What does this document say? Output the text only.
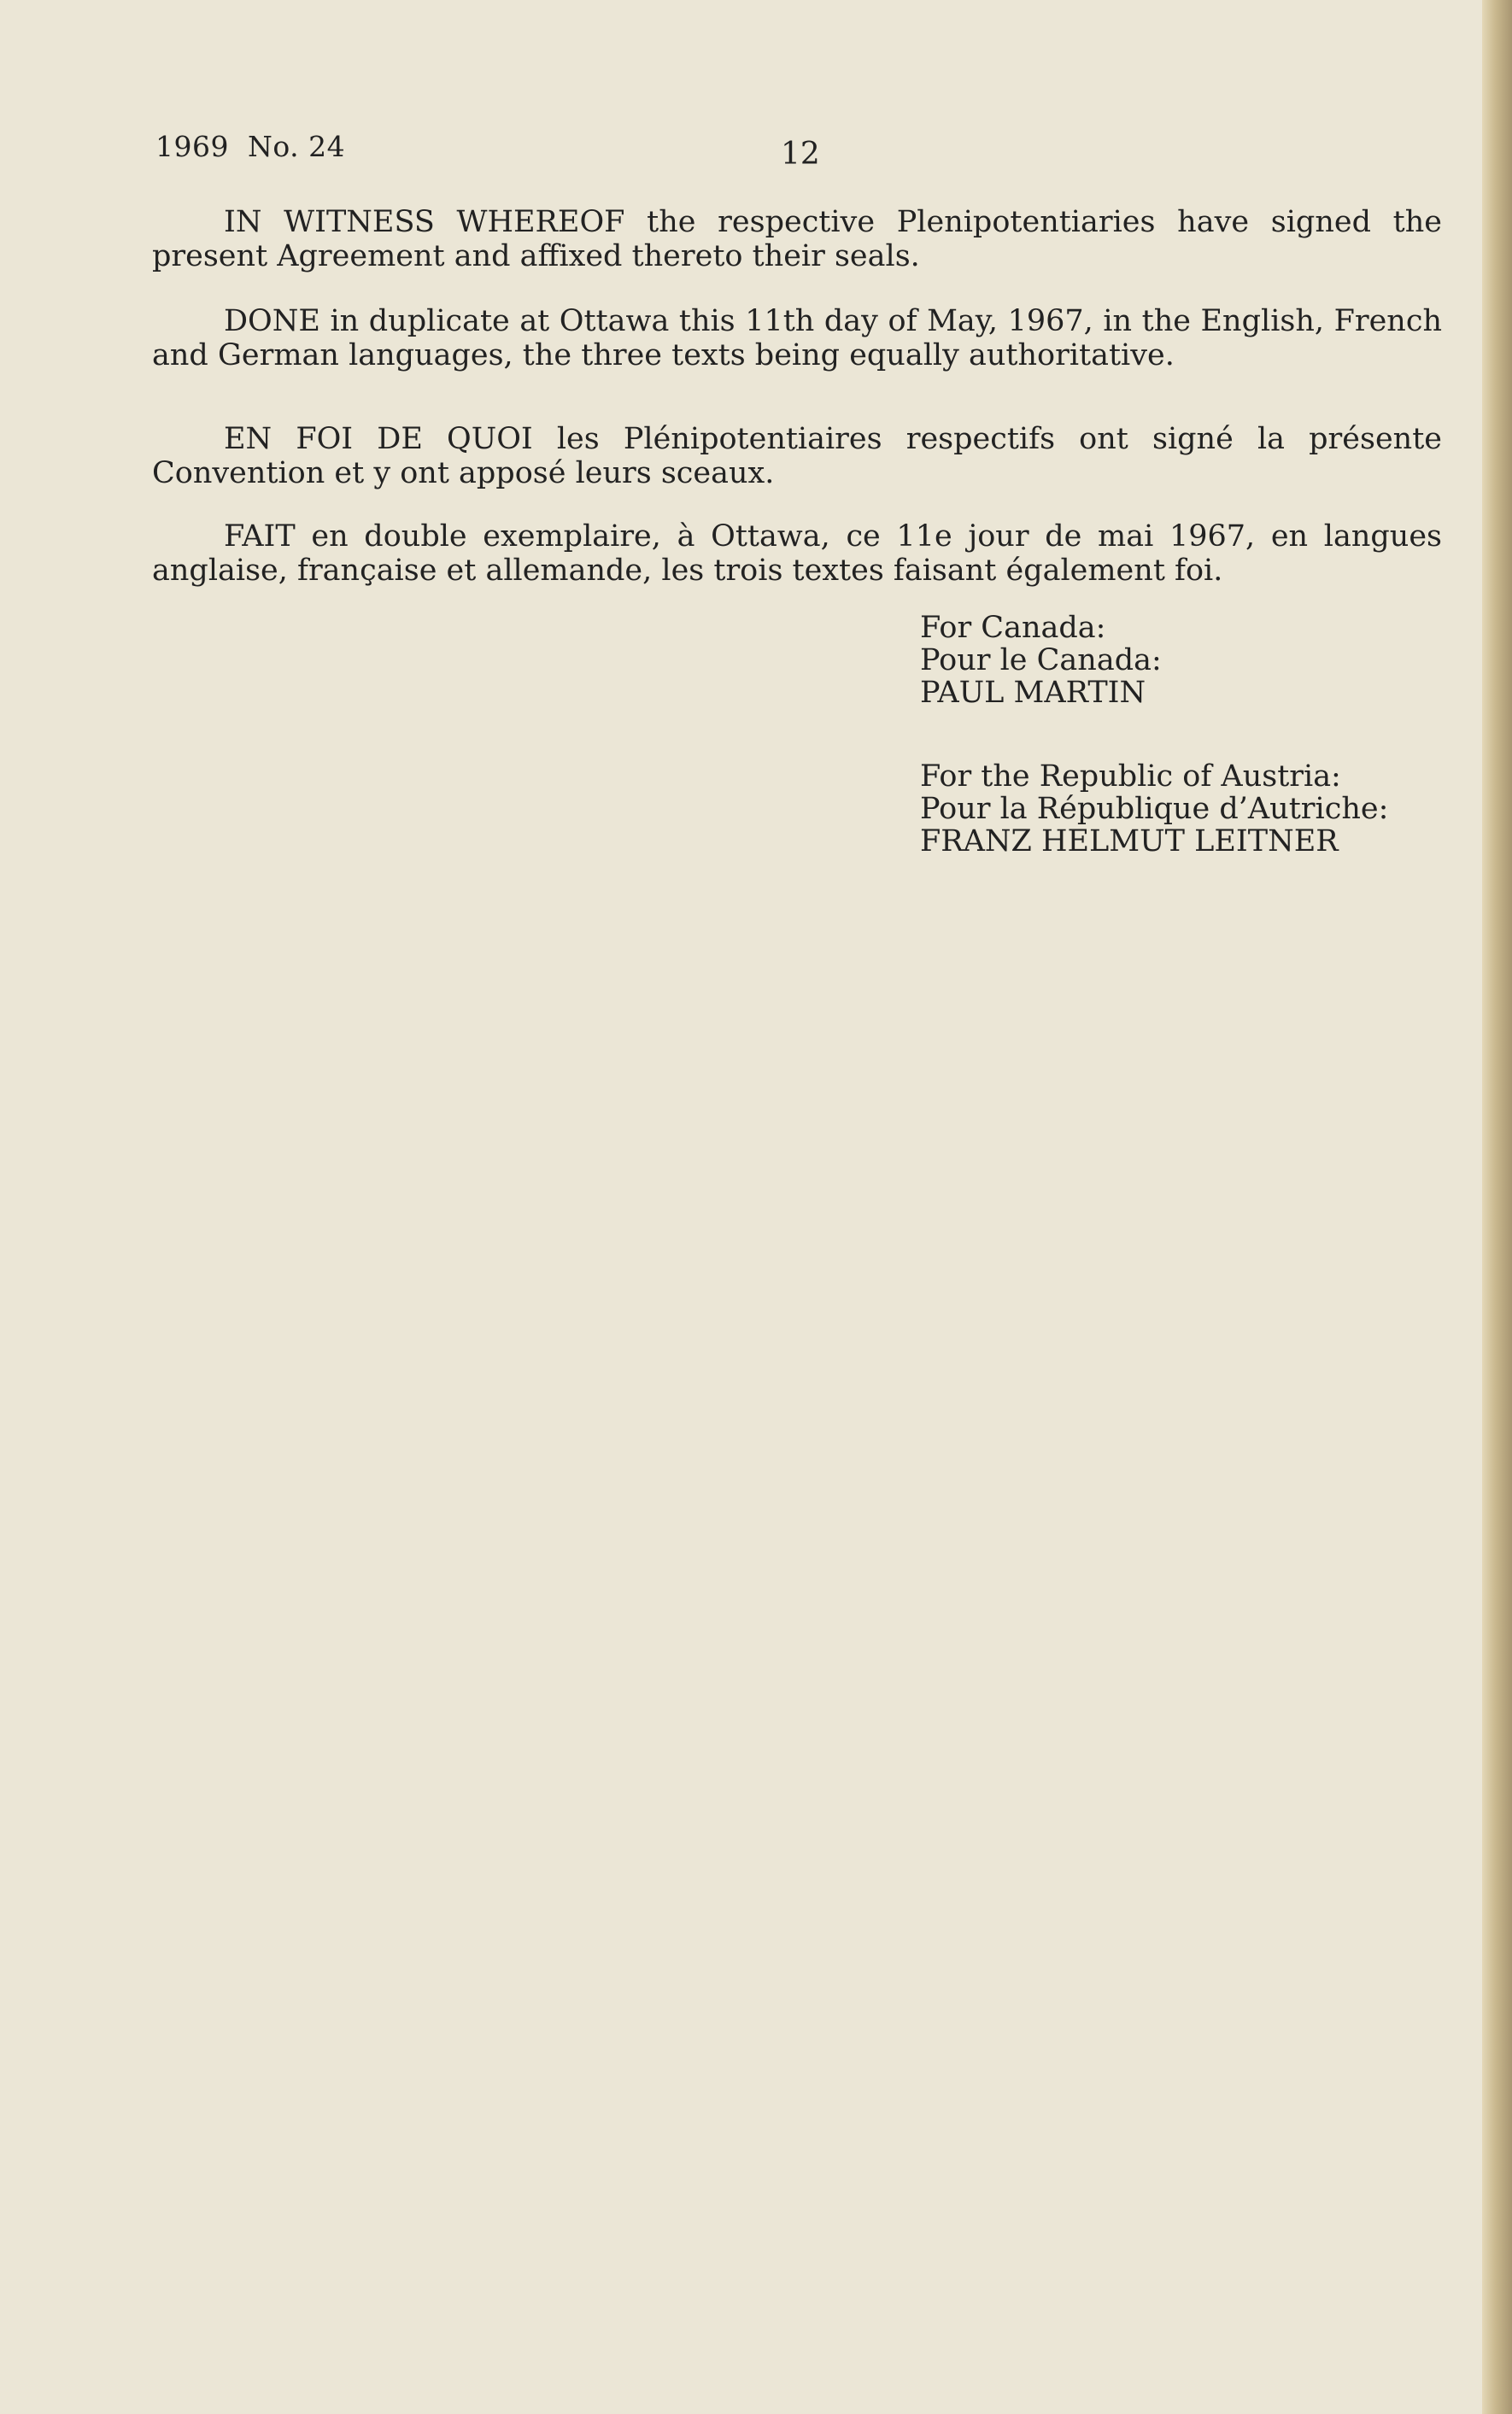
1969  No. 24	12

IN WITNESS WHEREOF the respective Plenipotentiaries have signed the present Agreement and affixed thereto their seals.

DONE in duplicate at Ottawa this 11th day of May, 1967, in the English, French and German languages, the three texts being equally authoritative.

EN FOI DE QUOI les Plénipotentiaires respectifs ont signé la présente Convention et y ont apposé leurs sceaux.

FAIT en double exemplaire, à Ottawa, ce 11e jour de mai 1967, en langues anglaise, française et allemande, les trois textes faisant également foi.

For Canada:
Pour le Canada:
PAUL MARTIN
For the Republic of Austria:
Pour la République d’Autriche:
FRANZ HELMUT LEITNER
